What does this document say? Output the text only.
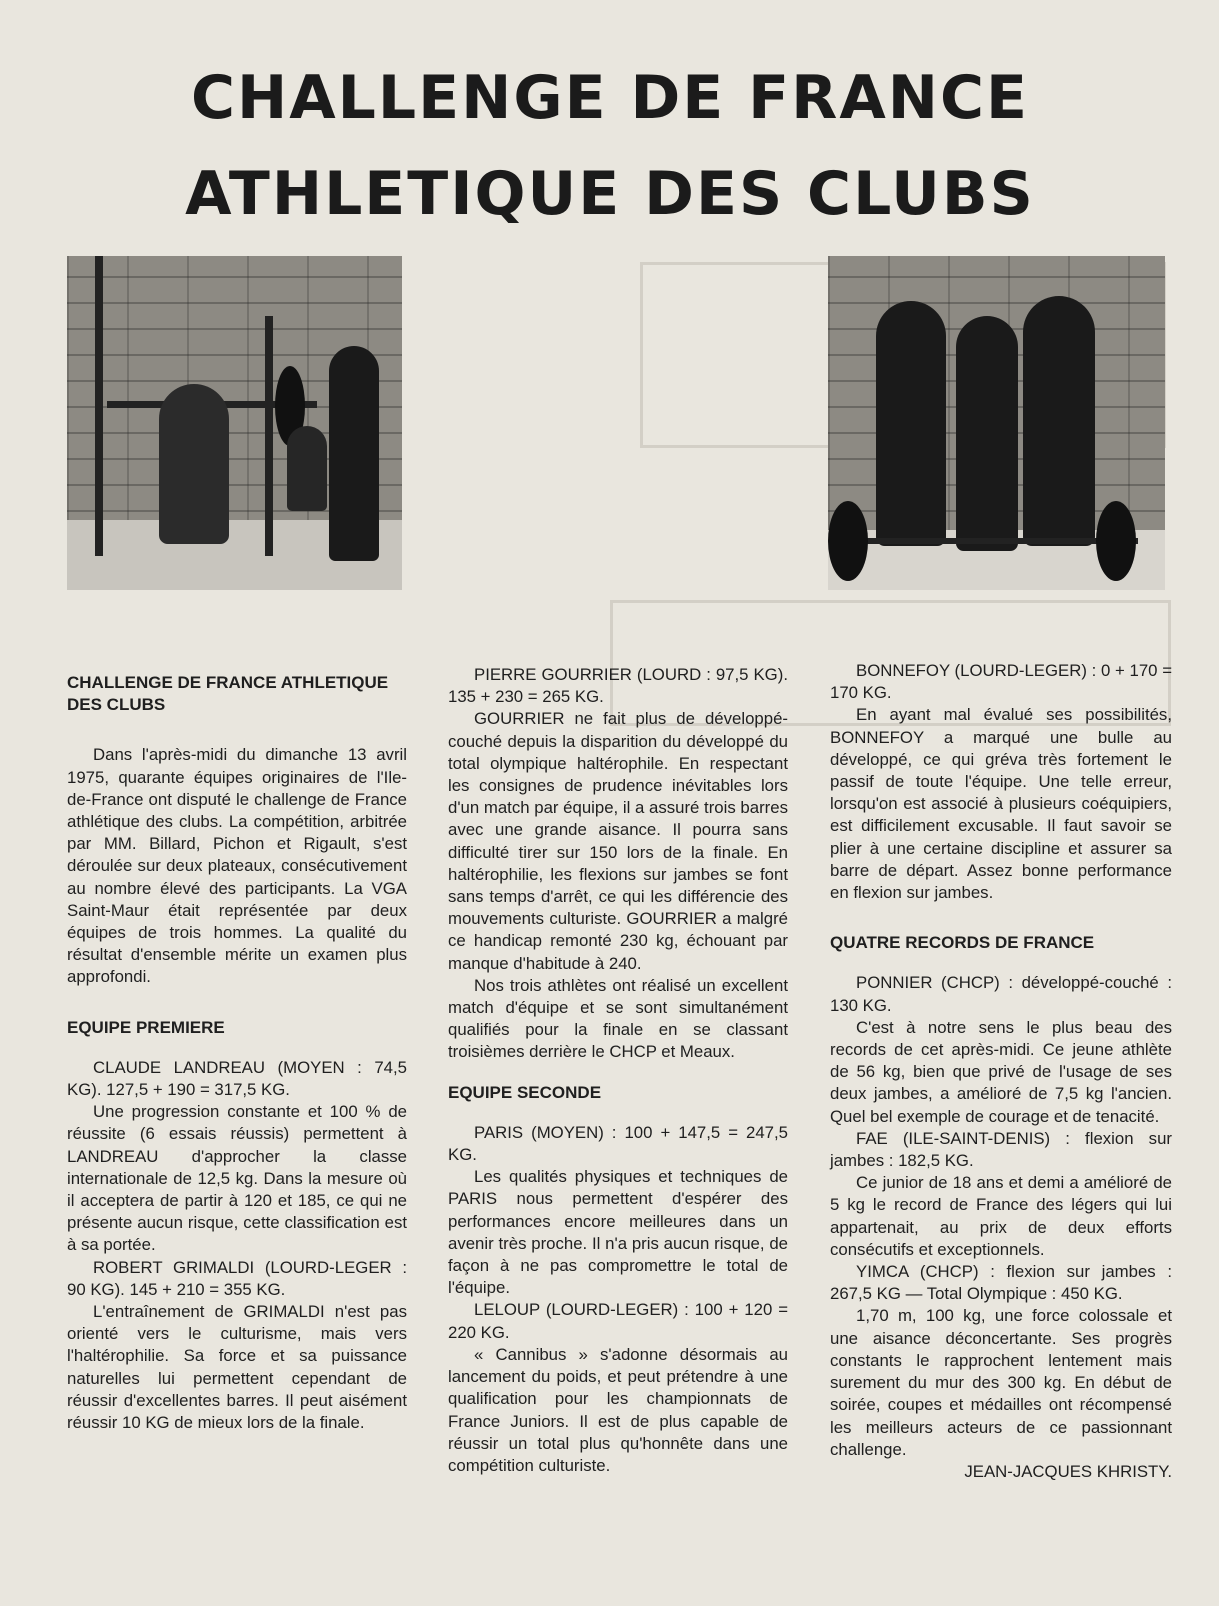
CHALLENGE DE FRANCE
ATHLETIQUE DES CLUBS
CHALLENGE DE FRANCE ATHLETIQUE DES CLUBS

Dans l'après-midi du dimanche 13 avril 1975, quarante équipes originaires de l'Ile-de-France ont disputé le challenge de France athlétique des clubs. La compétition, arbitrée par MM. Billard, Pichon et Rigault, s'est déroulée sur deux plateaux, consécutivement au nombre élevé des participants. La VGA Saint-Maur était représentée par deux équipes de trois hommes. La qualité du résultat d'ensemble mérite un examen plus approfondi.

EQUIPE PREMIERE

CLAUDE LANDREAU (MOYEN : 74,5 KG). 127,5 + 190 = 317,5 KG.

Une progression constante et 100 % de réussite (6 essais réussis) permettent à LANDREAU d'approcher la classe internationale de 12,5 kg. Dans la mesure où il acceptera de partir à 120 et 185, ce qui ne présente aucun risque, cette classification est à sa portée.

ROBERT GRIMALDI (LOURD-LEGER : 90 KG). 145 + 210 = 355 KG.

L'entraînement de GRIMALDI n'est pas orienté vers le culturisme, mais vers l'haltérophilie. Sa force et sa puissance naturelles lui permettent cependant de réussir d'excellentes barres. Il peut aisément réussir 10 KG de mieux lors de la finale.

PIERRE GOURRIER (LOURD : 97,5 KG). 135 + 230 = 265 KG.

GOURRIER ne fait plus de développé-couché depuis la disparition du développé du total olympique haltérophile. En respectant les consignes de prudence inévitables lors d'un match par équipe, il a assuré trois barres avec une grande aisance. Il pourra sans difficulté tirer sur 150 lors de la finale. En haltérophilie, les flexions sur jambes se font sans temps d'arrêt, ce qui les différencie des mouvements culturiste. GOURRIER a malgré ce handicap remonté 230 kg, échouant par manque d'habitude à 240.

Nos trois athlètes ont réalisé un excellent match d'équipe et se sont simultanément qualifiés pour la finale en se classant troisièmes derrière le CHCP et Meaux.

EQUIPE SECONDE

PARIS (MOYEN) : 100 + 147,5 = 247,5 KG.

Les qualités physiques et techniques de PARIS nous permettent d'espérer des performances encore meilleures dans un avenir très proche. Il n'a pris aucun risque, de façon à ne pas compromettre le total de l'équipe.

LELOUP (LOURD-LEGER) : 100 + 120 = 220 KG.

« Cannibus » s'adonne désormais au lancement du poids, et peut prétendre à une qualification pour les championnats de France Juniors. Il est de plus capable de réussir un total plus qu'honnête dans une compétition culturiste.

BONNEFOY (LOURD-LEGER) : 0 + 170 = 170 KG.

En ayant mal évalué ses possibilités, BONNEFOY a marqué une bulle au développé, ce qui gréva très fortement le passif de toute l'équipe. Une telle erreur, lorsqu'on est associé à plusieurs coéquipiers, est difficilement excusable. Il faut savoir se plier à une certaine discipline et assurer sa barre de départ. Assez bonne performance en flexion sur jambes.

QUATRE RECORDS DE FRANCE

PONNIER (CHCP) : développé-couché : 130 KG.

C'est à notre sens le plus beau des records de cet après-midi. Ce jeune athlète de 56 kg, bien que privé de l'usage de ses deux jambes, a amélioré de 7,5 kg l'ancien. Quel bel exemple de courage et de tenacité.

FAE (ILE-SAINT-DENIS) : flexion sur jambes : 182,5 KG.

Ce junior de 18 ans et demi a amélioré de 5 kg le record de France des légers qui lui appartenait, au prix de deux efforts consécutifs et exceptionnels.

YIMCA (CHCP) : flexion sur jambes : 267,5 KG — Total Olympique : 450 KG.

1,70 m, 100 kg, une force colossale et une aisance déconcertante. Ses progrès constants le rapprochent lentement mais surement du mur des 300 kg. En début de soirée, coupes et médailles ont récompensé les meilleurs acteurs de ce passionnant challenge.

JEAN-JACQUES KHRISTY.
